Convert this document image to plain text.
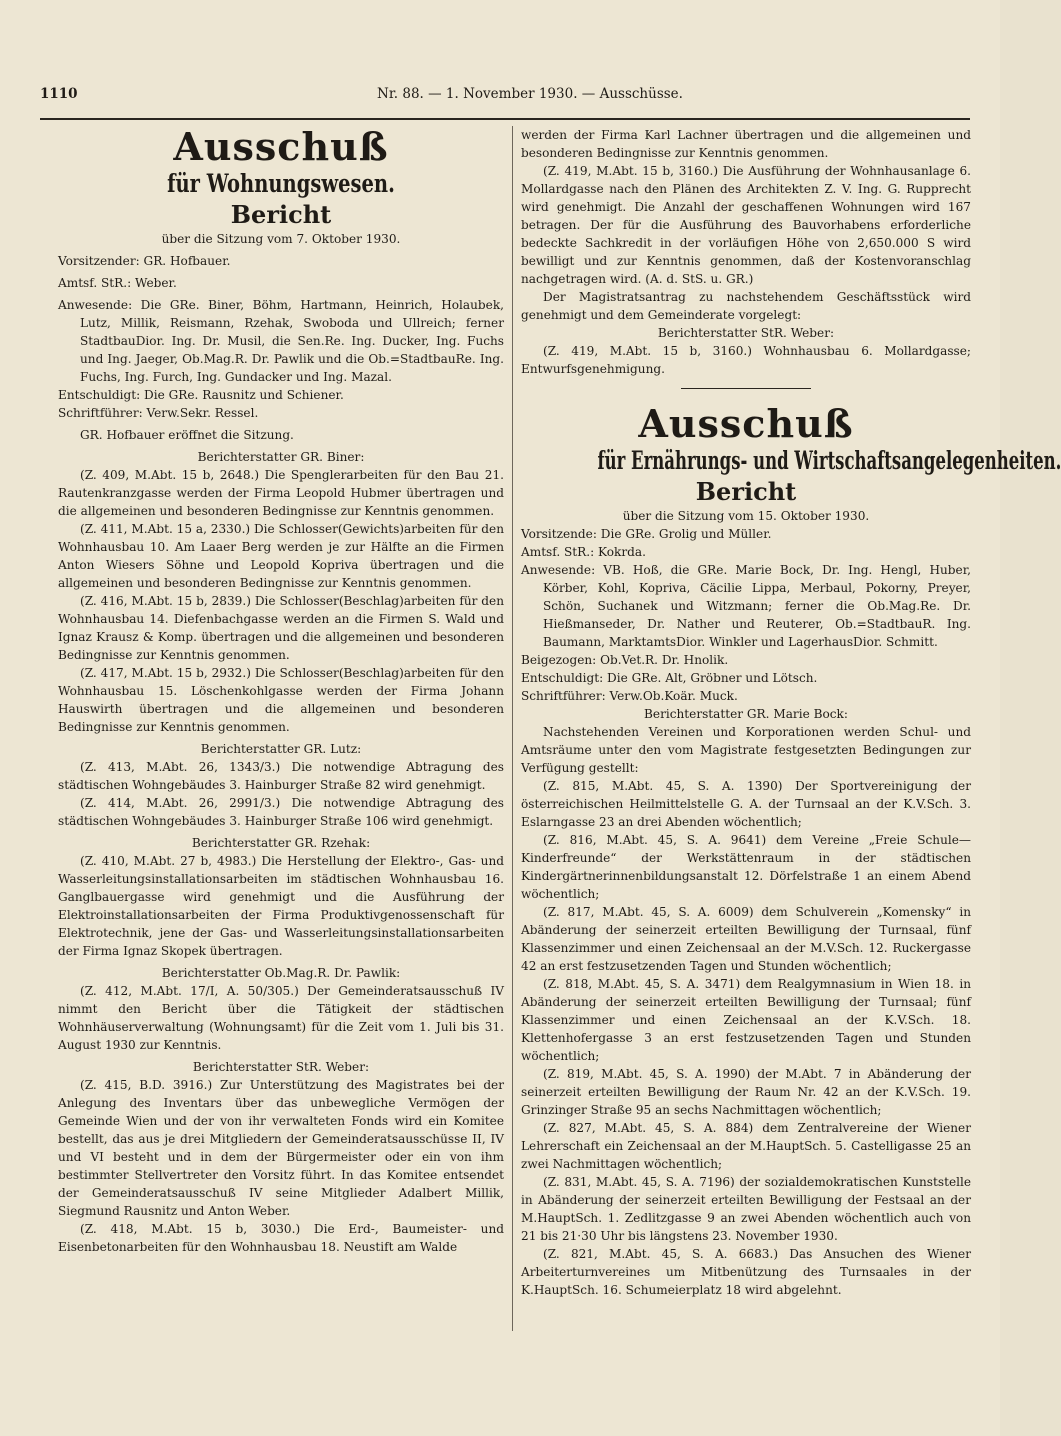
1110	Nr. 88. — 1. November 1930. — Ausschüsse.

Ausschuß

für Wohnungswesen.

Bericht

über die Sitzung vom 7. Oktober 1930.

Vorsitzender: GR. Hofbauer.

Amtsf. StR.: Weber.

Anwesende: Die GRe. Biner, Böhm, Hartmann, Heinrich, Holaubek, Lutz, Millik, Reismann, Rzehak, Swoboda und Ullreich; ferner StadtbauDior. Ing. Dr. Musil, die Sen.Re. Ing. Ducker, Ing. Fuchs und Ing. Jaeger, Ob.Mag.R. Dr. Pawlik und die Ob.=StadtbauRe. Ing. Fuchs, Ing. Furch, Ing. Gundacker und Ing. Mazal.

Entschuldigt: Die GRe. Rausnitz und Schiener.

Schriftführer: Verw.Sekr. Ressel.

GR. Hofbauer eröffnet die Sitzung.

Berichterstatter GR. Biner:

(Z. 409, M.Abt. 15 b, 2648.) Die Spenglerarbeiten für den Bau 21. Rautenkranzgasse werden der Firma Leopold Hubmer übertragen und die allgemeinen und besonderen Bedingnisse zur Kenntnis genommen.

(Z. 411, M.Abt. 15 a, 2330.) Die Schlosser(Gewichts)arbeiten für den Wohnhausbau 10. Am Laaer Berg werden je zur Hälfte an die Firmen Anton Wiesers Söhne und Leopold Kopriva übertragen und die allgemeinen und besonderen Bedingnisse zur Kenntnis genommen.

(Z. 416, M.Abt. 15 b, 2839.) Die Schlosser(Beschlag)arbeiten für den Wohnhausbau 14. Diefenbachgasse werden an die Firmen S. Wald und Ignaz Krausz & Komp. übertragen und die allgemeinen und besonderen Bedingnisse zur Kenntnis genommen.

(Z. 417, M.Abt. 15 b, 2932.) Die Schlosser(Beschlag)arbeiten für den Wohnhausbau 15. Löschenkohlgasse werden der Firma Johann Hauswirth übertragen und die allgemeinen und besonderen Bedingnisse zur Kenntnis genommen.

Berichterstatter GR. Lutz:

(Z. 413, M.Abt. 26, 1343/3.) Die notwendige Abtragung des städtischen Wohngebäudes 3. Hainburger Straße 82 wird genehmigt.

(Z. 414, M.Abt. 26, 2991/3.) Die notwendige Abtragung des städtischen Wohngebäudes 3. Hainburger Straße 106 wird genehmigt.

Berichterstatter GR. Rzehak:

(Z. 410, M.Abt. 27 b, 4983.) Die Herstellung der Elektro-, Gas- und Wasserleitungsinstallationsarbeiten im städtischen Wohnhausbau 16. Ganglbauergasse wird genehmigt und die Ausführung der Elektroinstallationsarbeiten der Firma Produktivgenossenschaft für Elektrotechnik, jene der Gas- und Wasserleitungsinstallationsarbeiten der Firma Ignaz Skopek übertragen.

Berichterstatter Ob.Mag.R. Dr. Pawlik:

(Z. 412, M.Abt. 17/I, A. 50/305.) Der Gemeinderatsausschuß IV nimmt den Bericht über die Tätigkeit der städtischen Wohnhäuserverwaltung (Wohnungsamt) für die Zeit vom 1. Juli bis 31. August 1930 zur Kenntnis.

Berichterstatter StR. Weber:

(Z. 415, B.D. 3916.) Zur Unterstützung des Magistrates bei der Anlegung des Inventars über das unbewegliche Vermögen der Gemeinde Wien und der von ihr verwalteten Fonds wird ein Komitee bestellt, das aus je drei Mitgliedern der Gemeinderatsausschüsse II, IV und VI besteht und in dem der Bürgermeister oder ein von ihm bestimmter Stellvertreter den Vorsitz führt. In das Komitee entsendet der Gemeinderatsausschuß IV seine Mitglieder Adalbert Millik, Siegmund Rausnitz und Anton Weber.

(Z. 418, M.Abt. 15 b, 3030.) Die Erd-, Baumeister- und Eisenbetonarbeiten für den Wohnhausbau 18. Neustift am Walde

werden der Firma Karl Lachner übertragen und die allgemeinen und besonderen Bedingnisse zur Kenntnis genommen.

(Z. 419, M.Abt. 15 b, 3160.) Die Ausführung der Wohnhausanlage 6. Mollardgasse nach den Plänen des Architekten Z. V. Ing. G. Rupprecht wird genehmigt. Die Anzahl der geschaffenen Wohnungen wird 167 betragen. Der für die Ausführung des Bauvorhabens erforderliche bedeckte Sachkredit in der vorläufigen Höhe von 2,650.000 S wird bewilligt und zur Kenntnis genommen, daß der Kostenvoranschlag nachgetragen wird. (A. d. StS. u. GR.)

Der Magistratsantrag zu nachstehendem Geschäftsstück wird genehmigt und dem Gemeinderate vorgelegt:

Berichterstatter StR. Weber:

(Z. 419, M.Abt. 15 b, 3160.) Wohnhausbau 6. Mollardgasse; Entwurfsgenehmigung.

Ausschuß

für Ernährungs- und Wirtschaftsangelegenheiten.

Bericht

über die Sitzung vom 15. Oktober 1930.

Vorsitzende: Die GRe. Grolig und Müller.

Amtsf. StR.: Kokrda.

Anwesende: VB. Hoß, die GRe. Marie Bock, Dr. Ing. Hengl, Huber, Körber, Kohl, Kopriva, Cäcilie Lippa, Merbaul, Pokorny, Preyer, Schön, Suchanek und Witzmann; ferner die Ob.Mag.Re. Dr. Hießmanseder, Dr. Nather und Reuterer, Ob.=StadtbauR. Ing. Baumann, MarktamtsDior. Winkler und LagerhausDior. Schmitt.

Beigezogen: Ob.Vet.R. Dr. Hnolik.

Entschuldigt: Die GRe. Alt, Gröbner und Lötsch.

Schriftführer: Verw.Ob.Koär. Muck.

Berichterstatter GR. Marie Bock:

Nachstehenden Vereinen und Korporationen werden Schul- und Amtsräume unter den vom Magistrate festgesetzten Bedingungen zur Verfügung gestellt:

(Z. 815, M.Abt. 45, S. A. 1390) Der Sportvereinigung der österreichischen Heilmittelstelle G. A. der Turnsaal an der K.V.Sch. 3. Eslarngasse 23 an drei Abenden wöchentlich;

(Z. 816, M.Abt. 45, S. A. 9641) dem Vereine „Freie Schule—Kinderfreunde“ der Werkstättenraum in der städtischen Kindergärtnerinnenbildungsanstalt 12. Dörfelstraße 1 an einem Abend wöchentlich;

(Z. 817, M.Abt. 45, S. A. 6009) dem Schulverein „Komensky“ in Abänderung der seinerzeit erteilten Bewilligung der Turnsaal, fünf Klassenzimmer und einen Zeichensaal an der M.V.Sch. 12. Ruckergasse 42 an erst festzusetzenden Tagen und Stunden wöchentlich;

(Z. 818, M.Abt. 45, S. A. 3471) dem Realgymnasium in Wien 18. in Abänderung der seinerzeit erteilten Bewilligung der Turnsaal; fünf Klassenzimmer und einen Zeichensaal an der K.V.Sch. 18. Klettenhofergasse 3 an erst festzusetzenden Tagen und Stunden wöchentlich;

(Z. 819, M.Abt. 45, S. A. 1990) der M.Abt. 7 in Abänderung der seinerzeit erteilten Bewilligung der Raum Nr. 42 an der K.V.Sch. 19. Grinzinger Straße 95 an sechs Nachmittagen wöchentlich;

(Z. 827, M.Abt. 45, S. A. 884) dem Zentralvereine der Wiener Lehrerschaft ein Zeichensaal an der M.HauptSch. 5. Castelligasse 25 an zwei Nachmittagen wöchentlich;

(Z. 831, M.Abt. 45, S. A. 7196) der sozialdemokratischen Kunststelle in Abänderung der seinerzeit erteilten Bewilligung der Festsaal an der M.HauptSch. 1. Zedlitzgasse 9 an zwei Abenden wöchentlich auch von 21 bis 21·30 Uhr bis längstens 23. November 1930.

(Z. 821, M.Abt. 45, S. A. 6683.) Das Ansuchen des Wiener Arbeiterturnvereines um Mitbenützung des Turnsaales in der K.HauptSch. 16. Schumeierplatz 18 wird abgelehnt.
